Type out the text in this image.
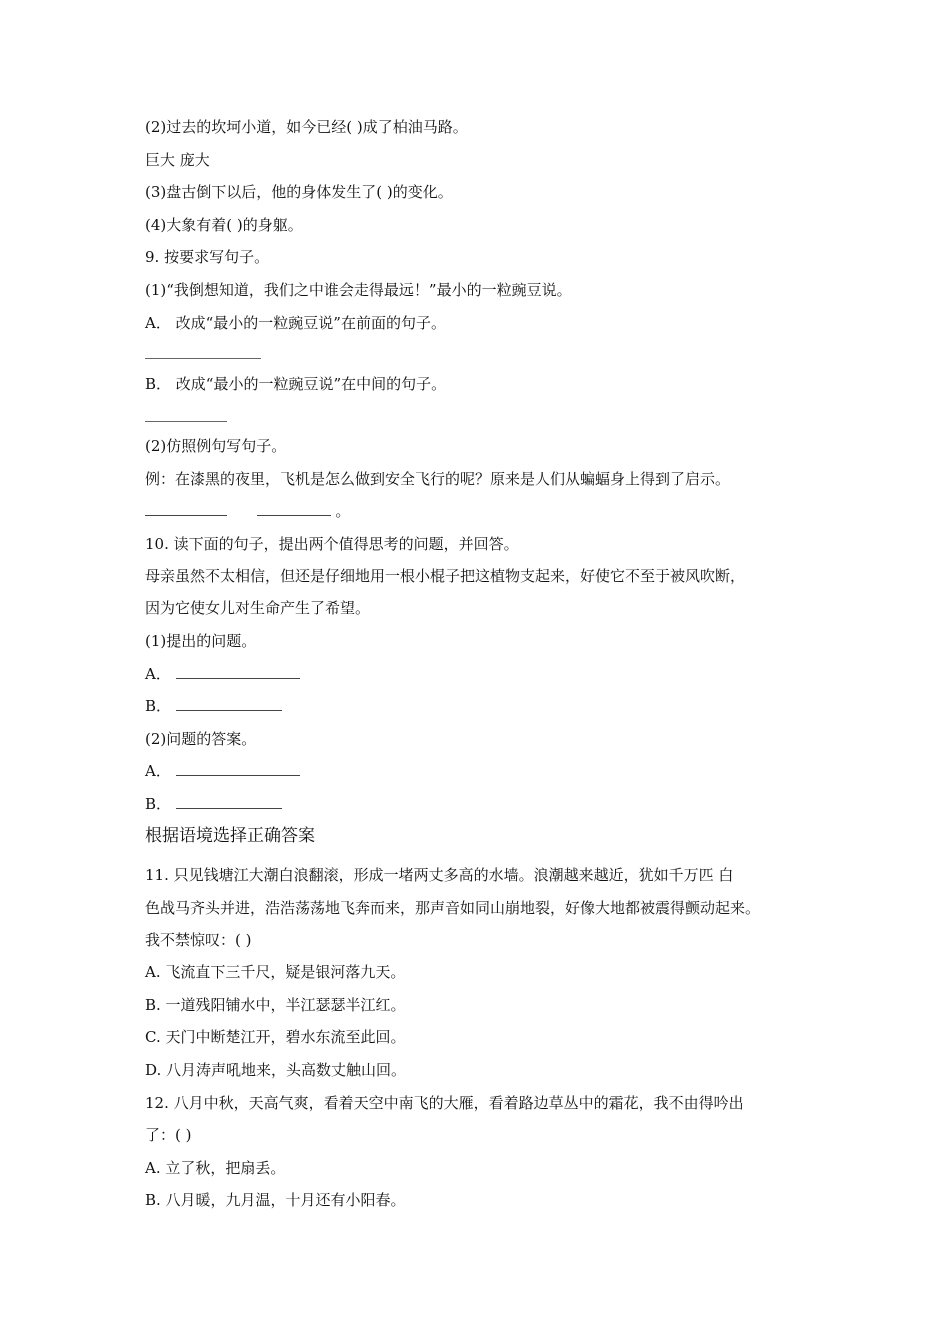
(2)过去的坎坷小道，如今已经( )成了柏油马路。
巨大 庞大
(3)盘古倒下以后，他的身体发生了( )的变化。
(4)大象有着( )的身躯。
9. 按要求写句子。
(1)“我倒想知道，我们之中谁会走得最远！”最小的一粒豌豆说。
A． 改成“最小的一粒豌豆说”在前面的句子。
B． 改成“最小的一粒豌豆说”在中间的句子。
(2)仿照例句写句子。
例：在漆黑的夜里，飞机是怎么做到安全飞行的呢？原来是人们从蝙蝠身上得到了启示。
。
10. 读下面的句子，提出两个值得思考的问题，并回答。
母亲虽然不太相信，但还是仔细地用一根小棍子把这植物支起来，好使它不至于被风吹断，
因为它使女儿对生命产生了希望。
(1)提出的问题。
A．
B．
(2)问题的答案。
A．
B．
根据语境选择正确答案
11. 只见钱塘江大潮白浪翻滚，形成一堵两丈多高的水墙。浪潮越来越近，犹如千万匹 白
色战马齐头并进，浩浩荡荡地飞奔而来，那声音如同山崩地裂，好像大地都被震得颤动起来。
我不禁惊叹：( )
A. 飞流直下三千尺，疑是银河落九天。
B. 一道残阳铺水中，半江瑟瑟半江红。
C. 天门中断楚江开，碧水东流至此回。
D. 八月涛声吼地来，头高数丈触山回。
12. 八月中秋，天高气爽，看着天空中南飞的大雁，看着路边草丛中的霜花，我不由得吟出
了：( )
A. 立了秋，把扇丢。
B. 八月暖，九月温，十月还有小阳春。
